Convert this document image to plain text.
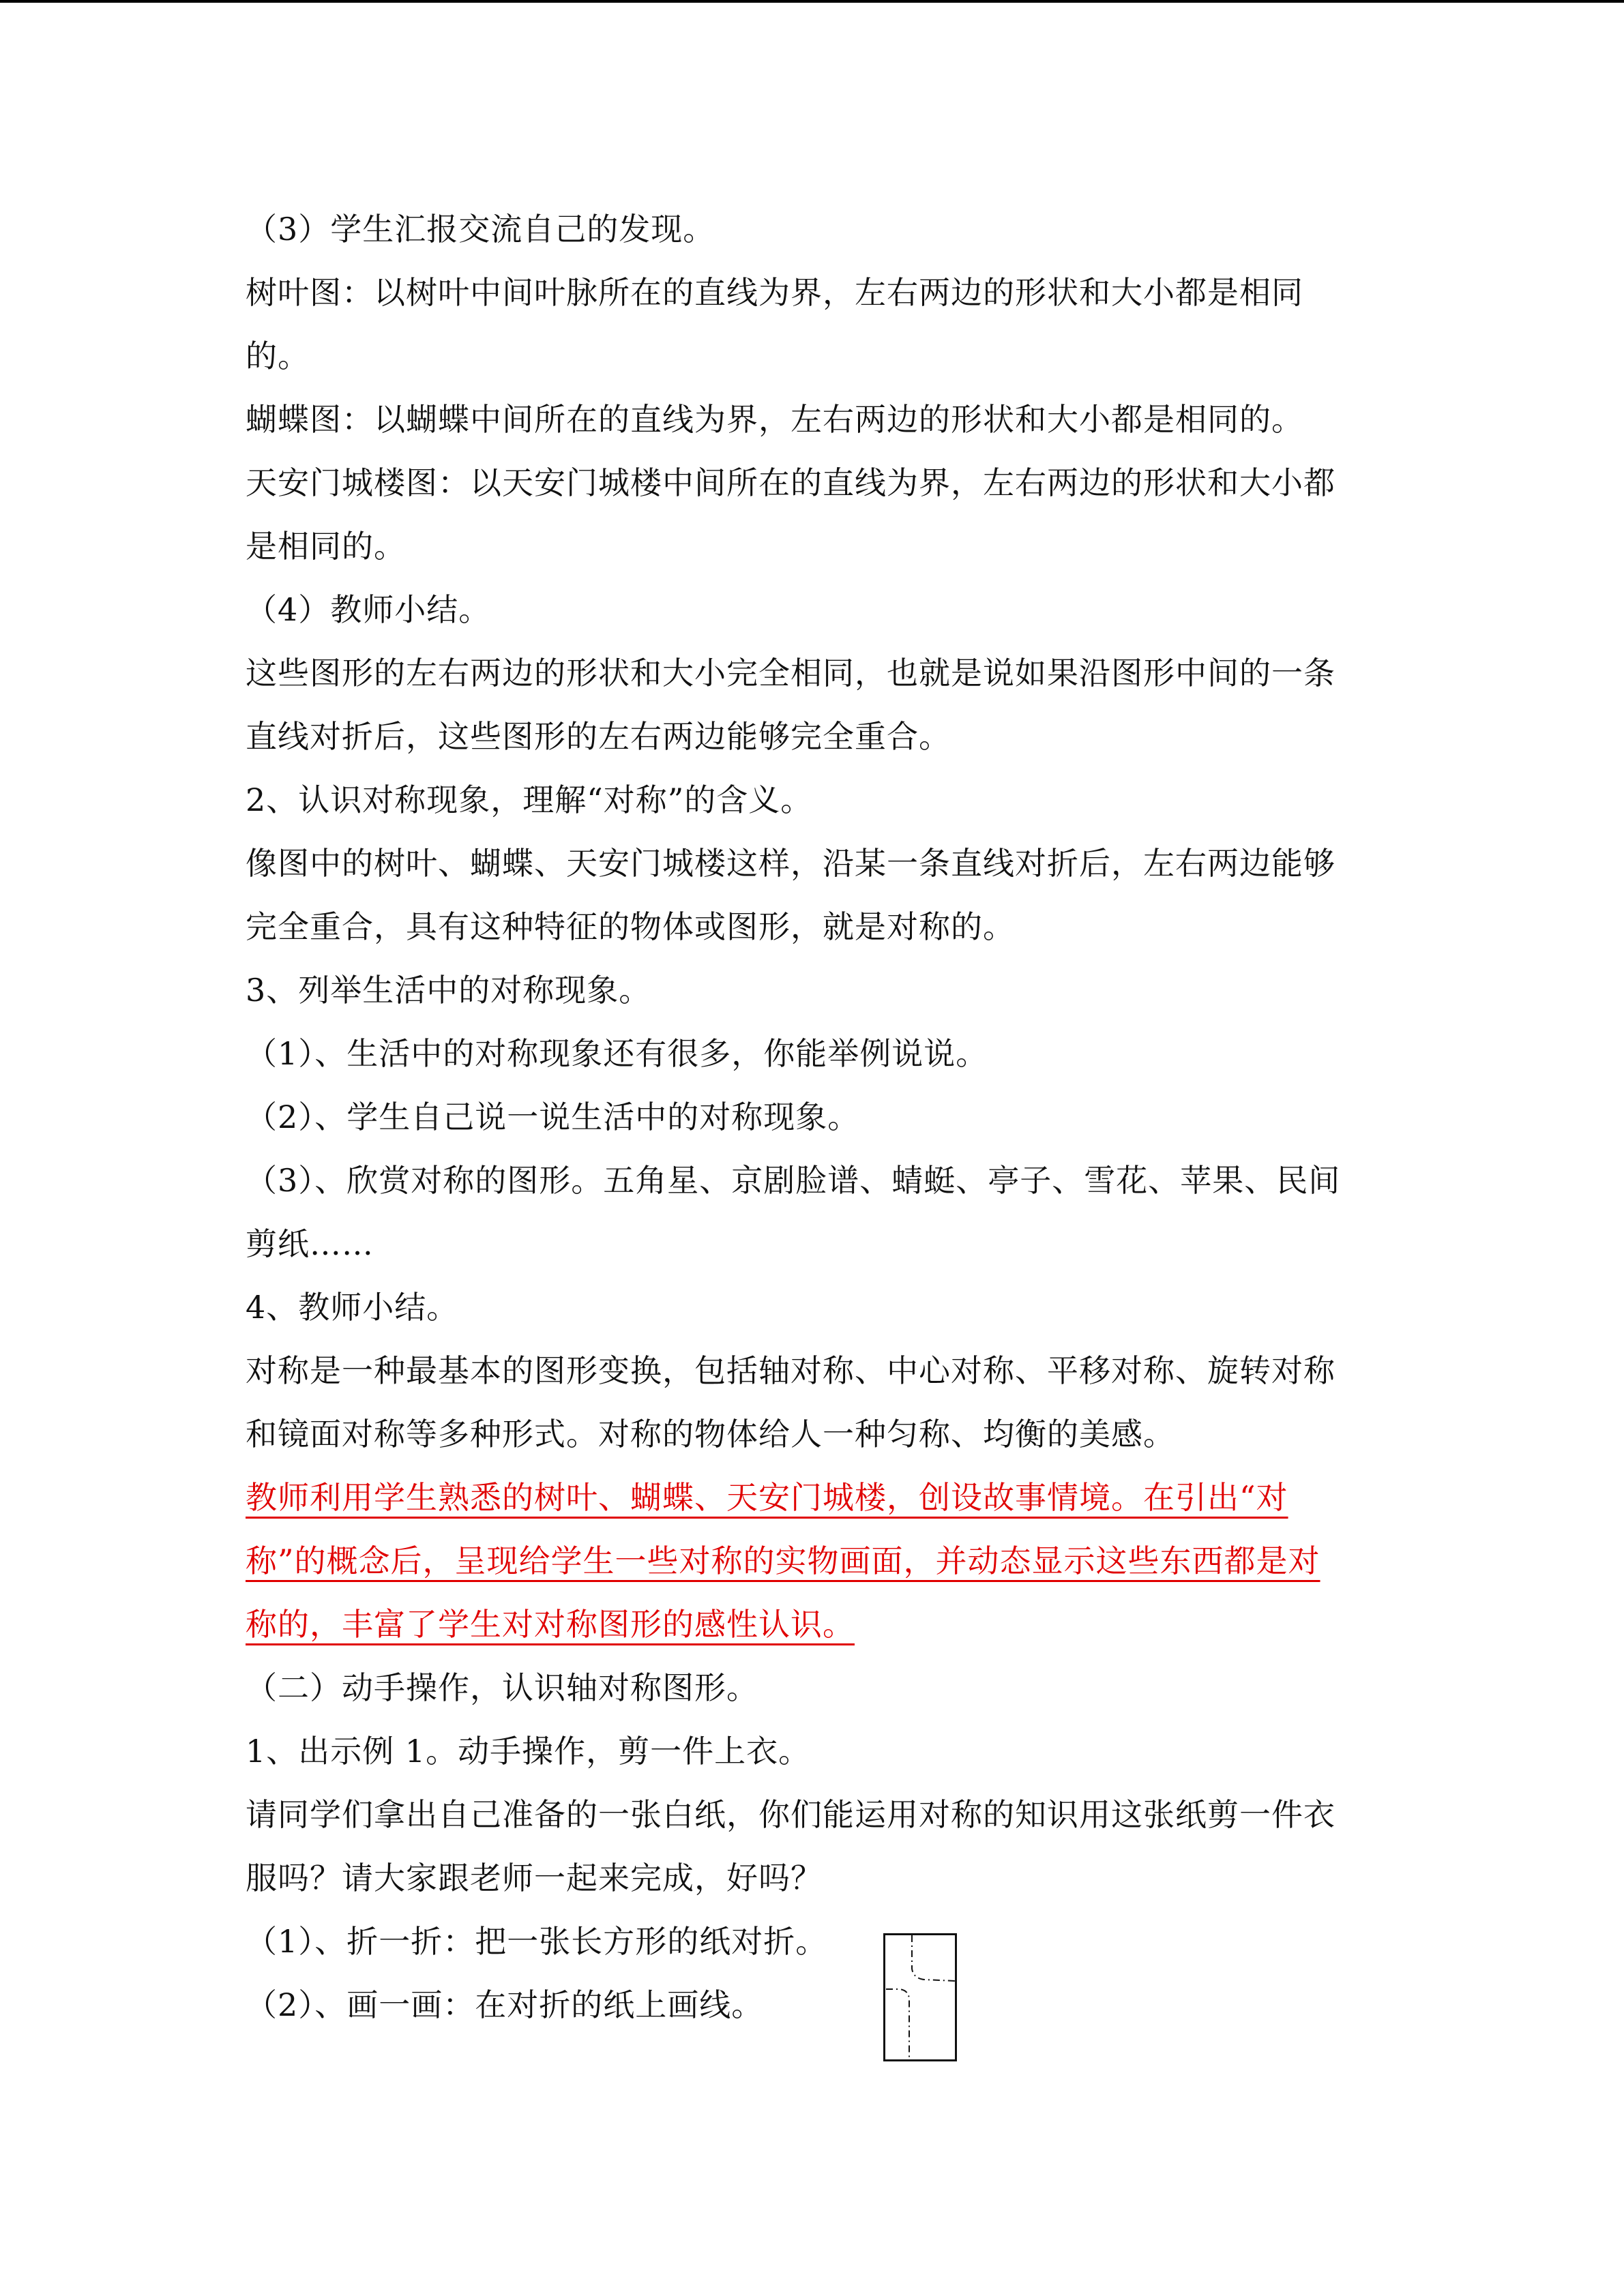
（3）学生汇报交流自己的发现。
树叶图：以树叶中间叶脉所在的直线为界，左右两边的形状和大小都是相同
的。
蝴蝶图：以蝴蝶中间所在的直线为界，左右两边的形状和大小都是相同的。
天安门城楼图：以天安门城楼中间所在的直线为界，左右两边的形状和大小都
是相同的。
（4）教师小结。
这些图形的左右两边的形状和大小完全相同，也就是说如果沿图形中间的一条
直线对折后，这些图形的左右两边能够完全重合。
2、认识对称现象，理解“对称”的含义。
像图中的树叶、蝴蝶、天安门城楼这样，沿某一条直线对折后，左右两边能够
完全重合，具有这种特征的物体或图形，就是对称的。
3、列举生活中的对称现象。
（1）、生活中的对称现象还有很多，你能举例说说。
（2）、学生自己说一说生活中的对称现象。
（3）、欣赏对称的图形。五角星、京剧脸谱、蜻蜓、亭子、雪花、苹果、民间
剪纸……
4、教师小结。
对称是一种最基本的图形变换，包括轴对称、中心对称、平移对称、旋转对称
和镜面对称等多种形式。对称的物体给人一种匀称、均衡的美感。
教师利用学生熟悉的树叶、蝴蝶、天安门城楼，创设故事情境。在引出“对
称”的概念后，呈现给学生一些对称的实物画面，并动态显示这些东西都是对
称的，丰富了学生对对称图形的感性认识。
（二）动手操作，认识轴对称图形。
1、出示例 1。动手操作，剪一件上衣。
请同学们拿出自己准备的一张白纸，你们能运用对称的知识用这张纸剪一件衣
服吗？请大家跟老师一起来完成，好吗？
（1）、折一折：把一张长方形的纸对折。
（2）、画一画：在对折的纸上画线。
